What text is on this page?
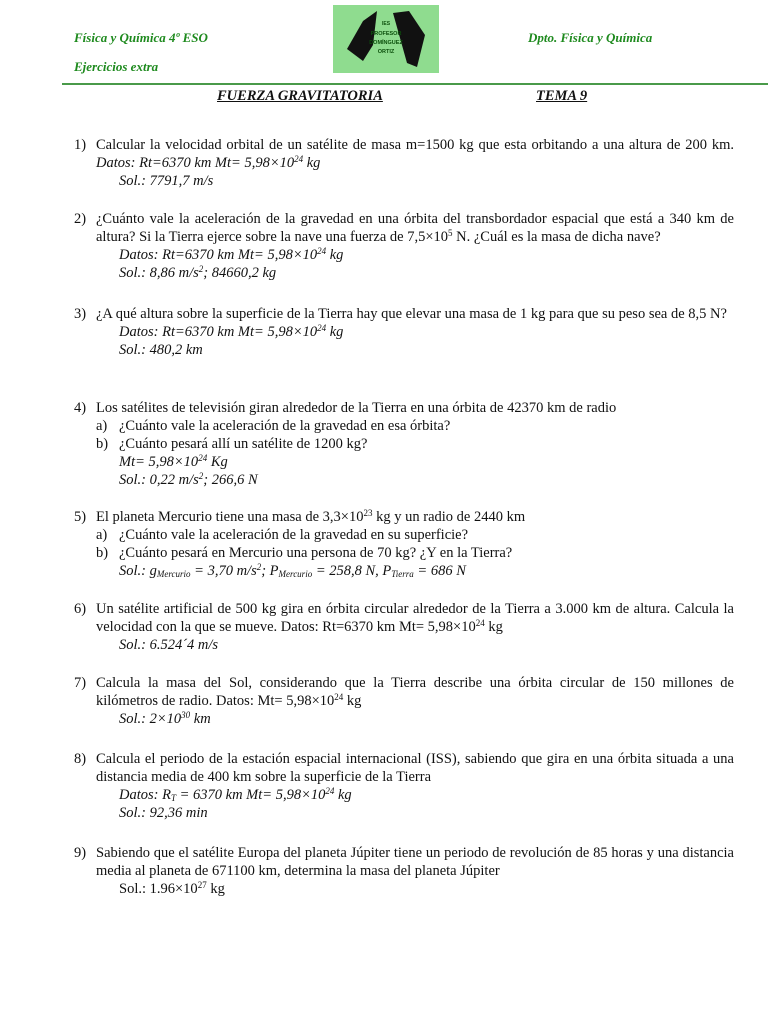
Física y Química 4º ESO
Ejercicios extra
Dpto. Física y Química
IES
PROFESOR
DOMÍNGUEZ
ORTIZ
FUERZA GRAVITATORIA	TEMA 9
1) Calcular la velocidad orbital de un satélite de masa m=1500 kg que esta orbitando a una altura de 200 km. Datos: Rt=6370 km $Mt= 5,98\times 10^{24}$ kg

Sol.: 7791,7 m/s

2) ¿Cuánto vale la aceleración de la gravedad en una órbita del transbordador espacial que está a 340 km de altura? Si la Tierra ejerce sobre la nave una fuerza de $7,5\times 10^5$ N. ¿Cuál es la masa de dicha nave?

Datos: Rt=6370 km $Mt= 5,98\times 10^{24}$ kg

Sol.: 8,86 $m/s^2$; 84660,2 kg

3) ¿A qué altura sobre la superficie de la Tierra hay que elevar una masa de 1 kg para que su peso sea de 8,5 N?

Datos: Rt=6370 km $Mt= 5,98\times 10^{24}$ kg

Sol.: 480,2 km

4) Los satélites de televisión giran alrededor de la Tierra en una órbita de 42370 km de radio

a) ¿Cuánto vale la aceleración de la gravedad en esa órbita?

b) ¿Cuánto pesará allí un satélite de 1200 kg?

$Mt= 5,98\times 10^{24}$ Kg

Sol.: 0,22 $m/s^2$; 266,6 N

5) El planeta Mercurio tiene una masa de $3,3\times 10^{23}$ kg y un radio de 2440 km

a) ¿Cuánto vale la aceleración de la gravedad en su superficie?

b) ¿Cuánto pesará en Mercurio una persona de 70 kg? ¿Y en la Tierra?

Sol.: $g_{Mercurio} = 3,70$ $m/s^2$; $P_{Mercurio} = 258,8$ N, $P_{Tierra} = 686$ N

6) Un satélite artificial de 500 kg gira en órbita circular alrededor de la Tierra a 3.000 km de altura. Calcula la velocidad con la que se mueve. Datos: Rt=6370 km $Mt= 5,98\times 10^{24}$ kg

Sol.: 6.524´4 m/s

7) Calcula la masa del Sol, considerando que la Tierra describe una órbita circular de 150 millones de kilómetros de radio. Datos: $Mt= 5,98\times 10^{24}$ kg

Sol.: $2\times 10^{30}$ km

8) Calcula el periodo de la estación espacial internacional (ISS), sabiendo que gira en una órbita situada a una distancia media de 400 km sobre la superficie de la Tierra

Datos: $R_T = 6370$ km $Mt= 5,98\times 10^{24}$ kg

Sol.: 92,36 min

9) Sabiendo que el satélite Europa del planeta Júpiter tiene un periodo de revolución de 85 horas y una distancia media al planeta de 671100 km, determina la masa del planeta Júpiter

Sol.: $1.96\times 10^{27}$ kg
